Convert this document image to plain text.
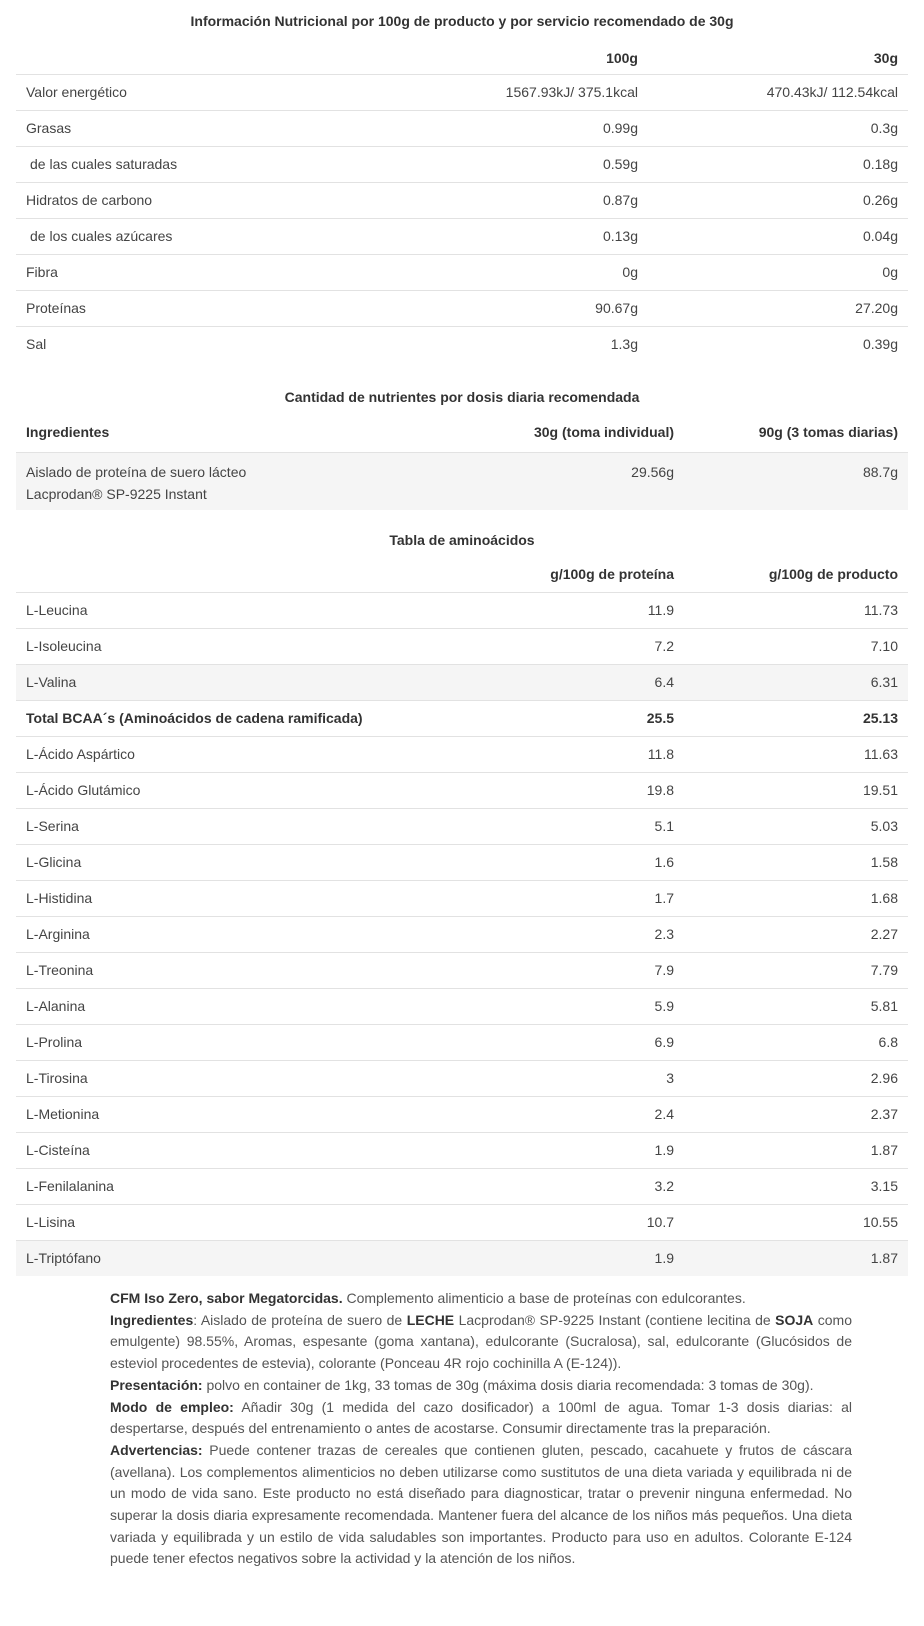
Información Nutricional por 100g de producto y por servicio recomendado de 30g		
	100g	30g
Valor energético	1567.93kJ/ 375.1kcal	470.43kJ/ 112.54kcal
Grasas	0.99g	0.3g
de las cuales saturadas	0.59g	0.18g
Hidratos de carbono	0.87g	0.26g
de los cuales azúcares	0.13g	0.04g
Fibra	0g	0g
Proteínas	90.67g	27.20g
Sal	1.3g	0.39g
Cantidad de nutrientes por dosis diaria recomendada		
Ingredientes	30g (toma individual)	90g (3 tomas diarias)

Aislado de proteína de suero lácteo
Lacprodan® SP-9225 Instant	29.56g	88.7g
Tabla de aminoácidos		
	g/100g de proteína	g/100g de producto
L-Leucina	11.9	11.73
L-Isoleucina	7.2	7.10
L-Valina	6.4	6.31
Total BCAA´s (Aminoácidos de cadena ramificada)	25.5	25.13
L-Ácido Aspártico	11.8	11.63
L-Ácido Glutámico	19.8	19.51
L-Serina	5.1	5.03
L-Glicina	1.6	1.58
L-Histidina	1.7	1.68
L-Arginina	2.3	2.27
L-Treonina	7.9	7.79
L-Alanina	5.9	5.81
L-Prolina	6.9	6.8
L-Tirosina	3	2.96
L-Metionina	2.4	2.37
L-Cisteína	1.9	1.87
L-Fenilalanina	3.2	3.15
L-Lisina	10.7	10.55
L-Triptófano	1.9	1.87

CFM Iso Zero, sabor Megatorcidas. Complemento alimenticio a base de proteínas con edulcorantes.

Ingredientes: Aislado de proteína de suero de LECHE Lacprodan® SP-9225 Instant (contiene lecitina de SOJA como emulgente) 98.55%, Aromas, espesante (goma xantana), edulcorante (Sucralosa), sal, edulcorante (Glucósidos de esteviol procedentes de estevia), colorante (Ponceau 4R rojo cochinilla A (E-124)).

Presentación: polvo en container de 1kg, 33 tomas de 30g (máxima dosis diaria recomendada: 3 tomas de 30g).

Modo de empleo: Añadir 30g (1 medida del cazo dosificador) a 100ml de agua. Tomar 1-3 dosis diarias: al despertarse, después del entrenamiento o antes de acostarse. Consumir directamente tras la preparación.

Advertencias: Puede contener trazas de cereales que contienen gluten, pescado, cacahuete y frutos de cáscara (avellana). Los complementos alimenticios no deben utilizarse como sustitutos de una dieta variada y equilibrada ni de un modo de vida sano. Este producto no está diseñado para diagnosticar, tratar o prevenir ninguna enfermedad. No superar la dosis diaria expresamente recomendada. Mantener fuera del alcance de los niños más pequeños. Una dieta variada y equilibrada y un estilo de vida saludables son importantes. Producto para uso en adultos. Colorante E-124 puede tener efectos negativos sobre la actividad y la atención de los niños.
